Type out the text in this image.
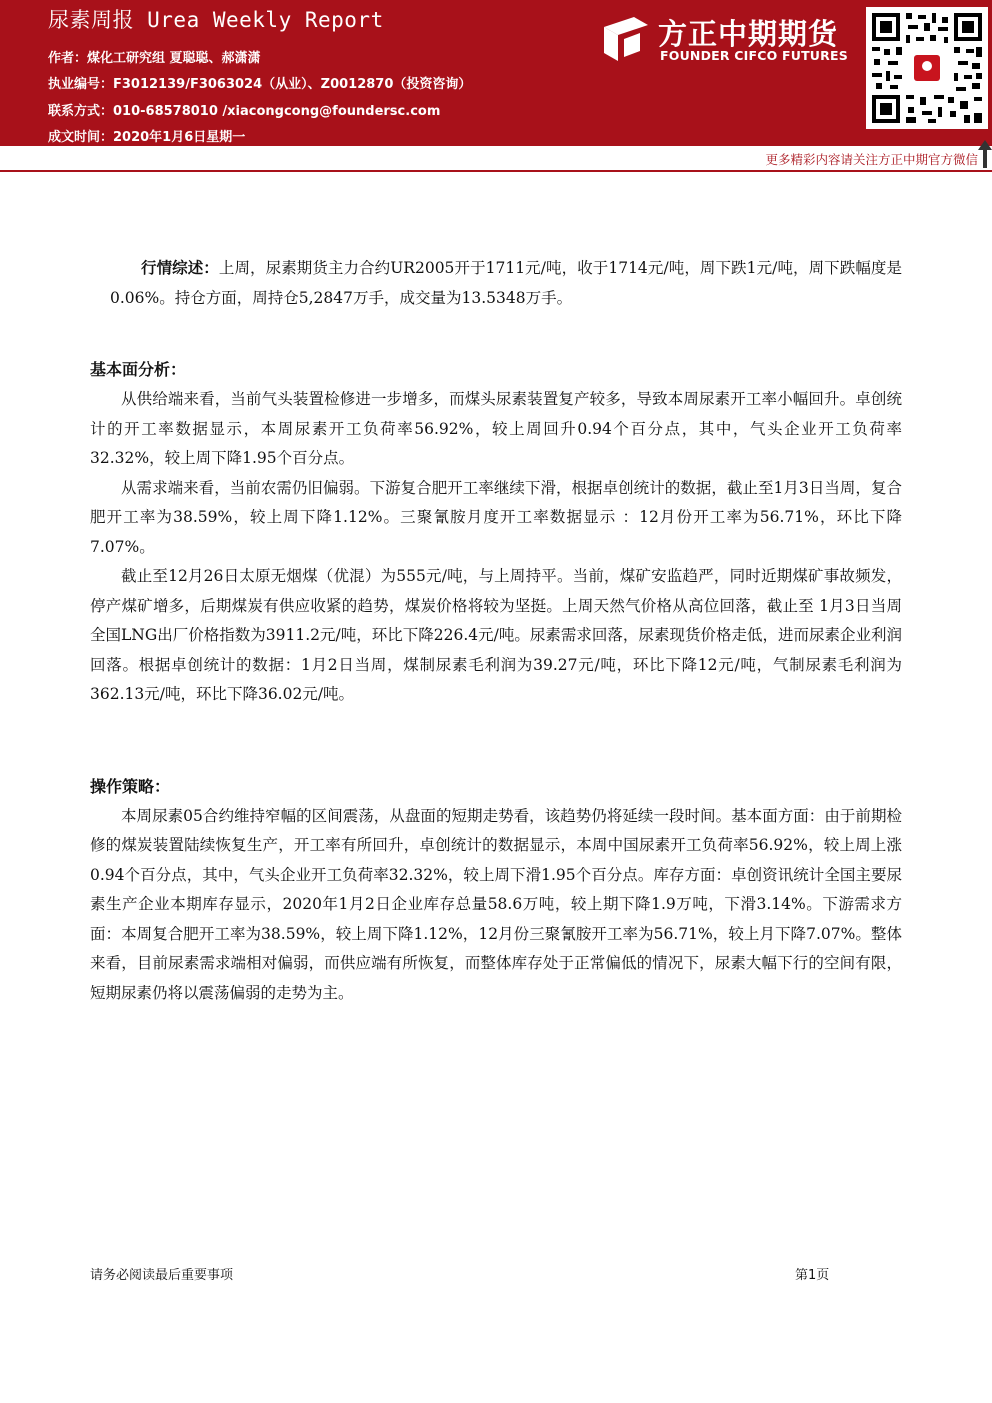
尿素周报 Urea Weekly Report
作者：煤化工研究组 夏聪聪、郝潇潇
执业编号：F3012139/F3063024（从业）、Z0012870（投资咨询）
联系方式：010-68578010 /xiacongcong@foundersc.com
成文时间：2020年1月6日星期一
方正中期期货
FOUNDER CIFCO FUTURES
更多精彩内容请关注方正中期官方微信

行情综述：上周，尿素期货主力合约UR2005开于1711元/吨，收于1714元/吨，周下跌1元/吨，周下跌幅度是0.06%。持仓方面，周持仓5,2847万手，成交量为13.5348万手。

基本面分析：

从供给端来看，当前气头装置检修进一步增多，而煤头尿素装置复产较多，导致本周尿素开工率小幅回升。卓创统计的开工率数据显示，本周尿素开工负荷率56.92%，较上周回升0.94个百分点，其中，气头企业开工负荷率32.32%，较上周下降1.95个百分点。

从需求端来看，当前农需仍旧偏弱。下游复合肥开工率继续下滑，根据卓创统计的数据，截止至1月3日当周，复合肥开工率为38.59%，较上周下降1.12%。三聚氰胺月度开工率数据显示 ：12月份开工率为56.71%，环比下降7.07%。

截止至12月26日太原无烟煤（优混）为555元/吨，与上周持平。当前，煤矿安监趋严，同时近期煤矿事故频发，停产煤矿增多，后期煤炭有供应收紧的趋势，煤炭价格将较为坚挺。上周天然气价格从高位回落，截止至 1月3日当周全国LNG出厂价格指数为3911.2元/吨，环比下降226.4元/吨。尿素需求回落，尿素现货价格走低，进而尿素企业利润回落。根据卓创统计的数据：1月2日当周，煤制尿素毛利润为39.27元/吨，环比下降12元/吨，气制尿素毛利润为362.13元/吨，环比下降36.02元/吨。

操作策略：

本周尿素05合约维持窄幅的区间震荡，从盘面的短期走势看，该趋势仍将延续一段时间。基本面方面：由于前期检修的煤炭装置陆续恢复生产，开工率有所回升，卓创统计的数据显示，本周中国尿素开工负荷率56.92%，较上周上涨0.94个百分点，其中，气头企业开工负荷率32.32%，较上周下滑1.95个百分点。库存方面：卓创资讯统计全国主要尿素生产企业本期库存显示，2020年1月2日企业库存总量58.6万吨，较上期下降1.9万吨，下滑3.14%。下游需求方面：本周复合肥开工率为38.59%，较上周下降1.12%，12月份三聚氰胺开工率为56.71%，较上月下降7.07%。整体来看，目前尿素需求端相对偏弱，而供应端有所恢复，而整体库存处于正常偏低的情况下，尿素大幅下行的空间有限，短期尿素仍将以震荡偏弱的走势为主。

请务必阅读最后重要事项	第1页
